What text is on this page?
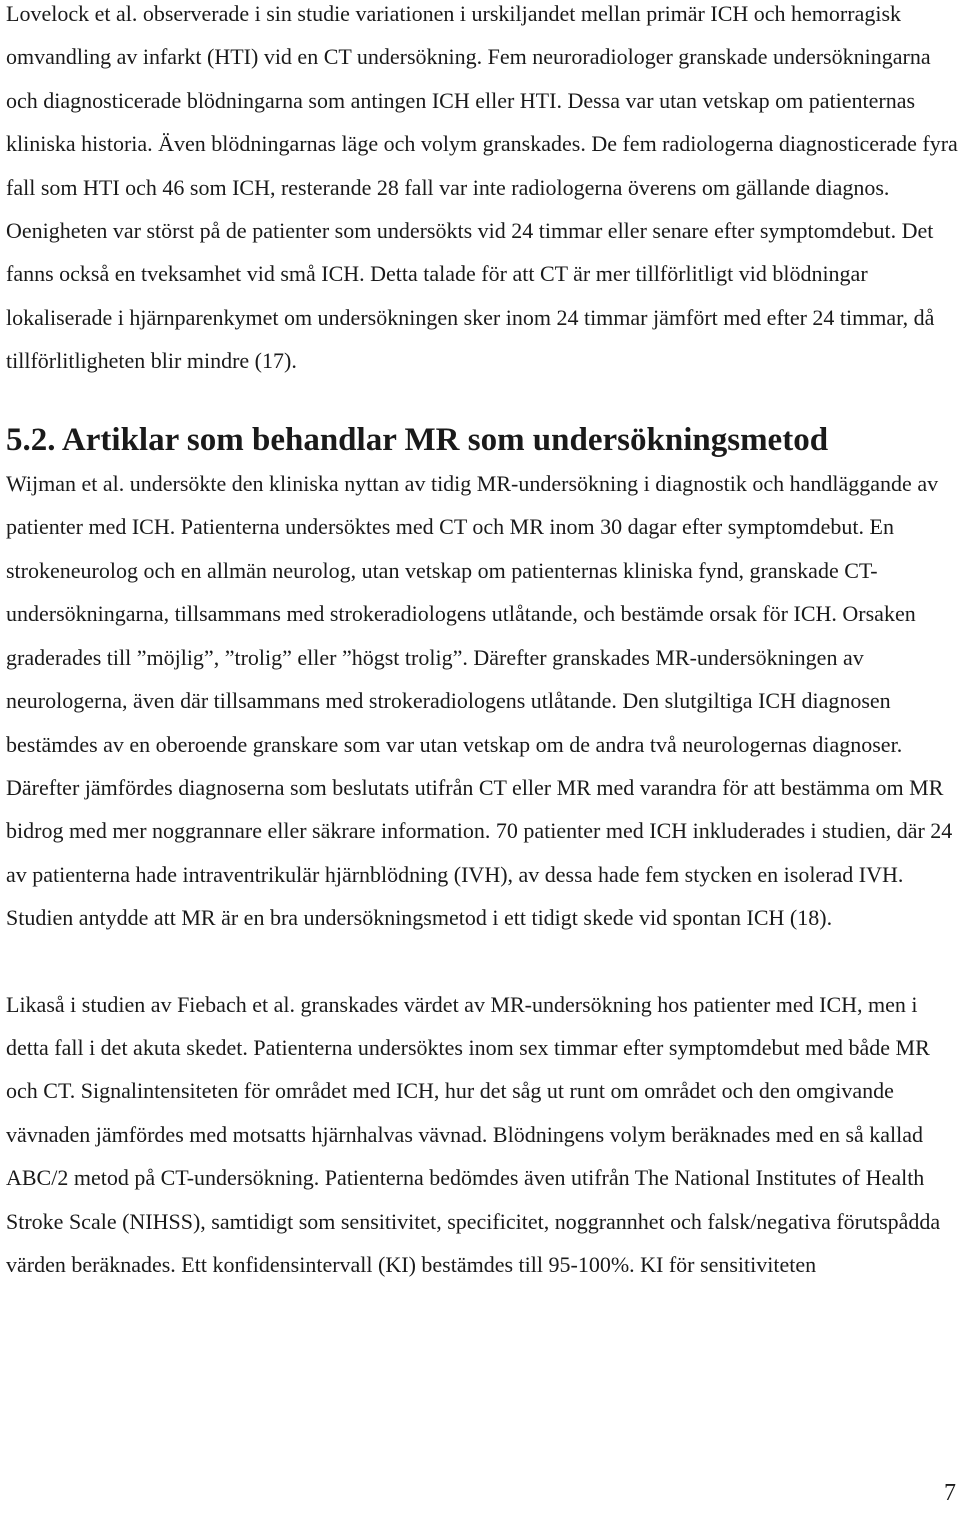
Lovelock et al. observerade i sin studie variationen i urskiljandet mellan primär ICH och hemorragisk omvandling av infarkt (HTI) vid en CT undersökning. Fem neuroradiologer granskade undersökningarna och diagnosticerade blödningarna som antingen ICH eller HTI. Dessa var utan vetskap om patienternas kliniska historia. Även blödningarnas läge och volym granskades. De fem radiologerna diagnosticerade fyra fall som HTI och 46 som ICH, resterande 28 fall var inte radiologerna överens om gällande diagnos. Oenigheten var störst på de patienter som undersökts vid 24 timmar eller senare efter symptomdebut. Det fanns också en tveksamhet vid små ICH. Detta talade för att CT är mer tillförlitligt vid blödningar lokaliserade i hjärnparenkymet om undersökningen sker inom 24 timmar jämfört med efter 24 timmar, då tillförlitligheten blir mindre (17).

5.2. Artiklar som behandlar MR som undersökningsmetod

Wijman et al. undersökte den kliniska nyttan av tidig MR-undersökning i diagnostik och handläggande av patienter med ICH. Patienterna undersöktes med CT och MR inom 30 dagar efter symptomdebut. En strokeneurolog och en allmän neurolog, utan vetskap om patienternas kliniska fynd, granskade CT-undersökningarna, tillsammans med strokeradiologens utlåtande, och bestämde orsak för ICH. Orsaken graderades till ”möjlig”, ”trolig” eller ”högst trolig”. Därefter granskades MR-undersökningen av neurologerna, även där tillsammans med strokeradiologens utlåtande. Den slutgiltiga ICH diagnosen bestämdes av en oberoende granskare som var utan vetskap om de andra två neurologernas diagnoser. Därefter jämfördes diagnoserna som beslutats utifrån CT eller MR med varandra för att bestämma om MR bidrog med mer noggrannare eller säkrare information. 70 patienter med ICH inkluderades i studien, där 24 av patienterna hade intraventrikulär hjärnblödning (IVH), av dessa hade fem stycken en isolerad IVH. Studien antydde att MR är en bra undersökningsmetod i ett tidigt skede vid spontan ICH (18).

Likaså i studien av Fiebach et al. granskades värdet av MR-undersökning hos patienter med ICH, men i detta fall i det akuta skedet. Patienterna undersöktes inom sex timmar efter symptomdebut med både MR och CT. Signalintensiteten för området med ICH, hur det såg ut runt om området och den omgivande vävnaden jämfördes med motsatts hjärnhalvas vävnad. Blödningens volym beräknades med en så kallad ABC/2 metod på CT-undersökning. Patienterna bedömdes även utifrån The National Institutes of Health Stroke Scale (NIHSS), samtidigt som sensitivitet, specificitet, noggrannhet och falsk/negativa förutspådda värden beräknades. Ett konfidensintervall (KI) bestämdes till 95-100%. KI för sensitiviteten

7
